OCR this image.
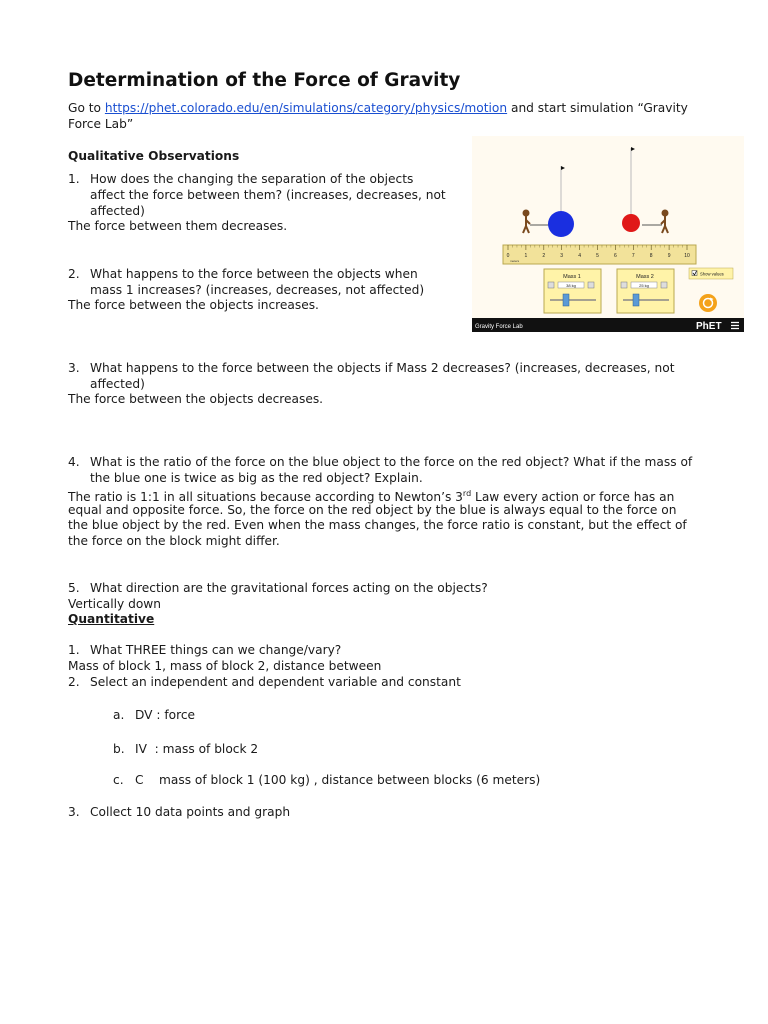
Determination of the Force of Gravity
Go to https://phet.colorado.edu/en/simulations/category/physics/motion and start simulation “Gravity
Force Lab”
Qualitative Observations
1. How does the changing the separation of the objects
affect the force between them? (increases, decreases, not
affected)
The force between them decreases.
2. What happens to the force between the objects when
mass 1 increases? (increases, decreases, not affected)
The force between the objects increases.
3. What happens to the force between the objects if Mass 2 decreases? (increases, decreases, not
affected)
The force between the objects decreases.
4. What is the ratio of the force on the blue object to the force on the red object? What if the mass of
the blue one is twice as big as the red object? Explain.
The ratio is 1:1 in all situations because according to Newton’s 3rd Law every action or force has an
equal and opposite force. So, the force on the red object by the blue is always equal to the force on
the blue object by the red. Even when the mass changes, the force ratio is constant, but the effect of
the force on the block might differ.
5. What direction are the gravitational forces acting on the objects?
Vertically down
Quantitative
1. What THREE things can we change/vary?
Mass of block 1, mass of block 2, distance between
2. Select an independent and dependent variable and constant
a. DV : force
b. IV  : mass of block 2
c. C    mass of block 1 (100 kg) , distance between blocks (6 meters)
3. Collect 10 data points and graph
0	1	2	3	4	5	6	7	8	9	10
meters
Mass 1
38 kg
Mass 2
25 kg
Show values
Gravity Force Lab	PhET
